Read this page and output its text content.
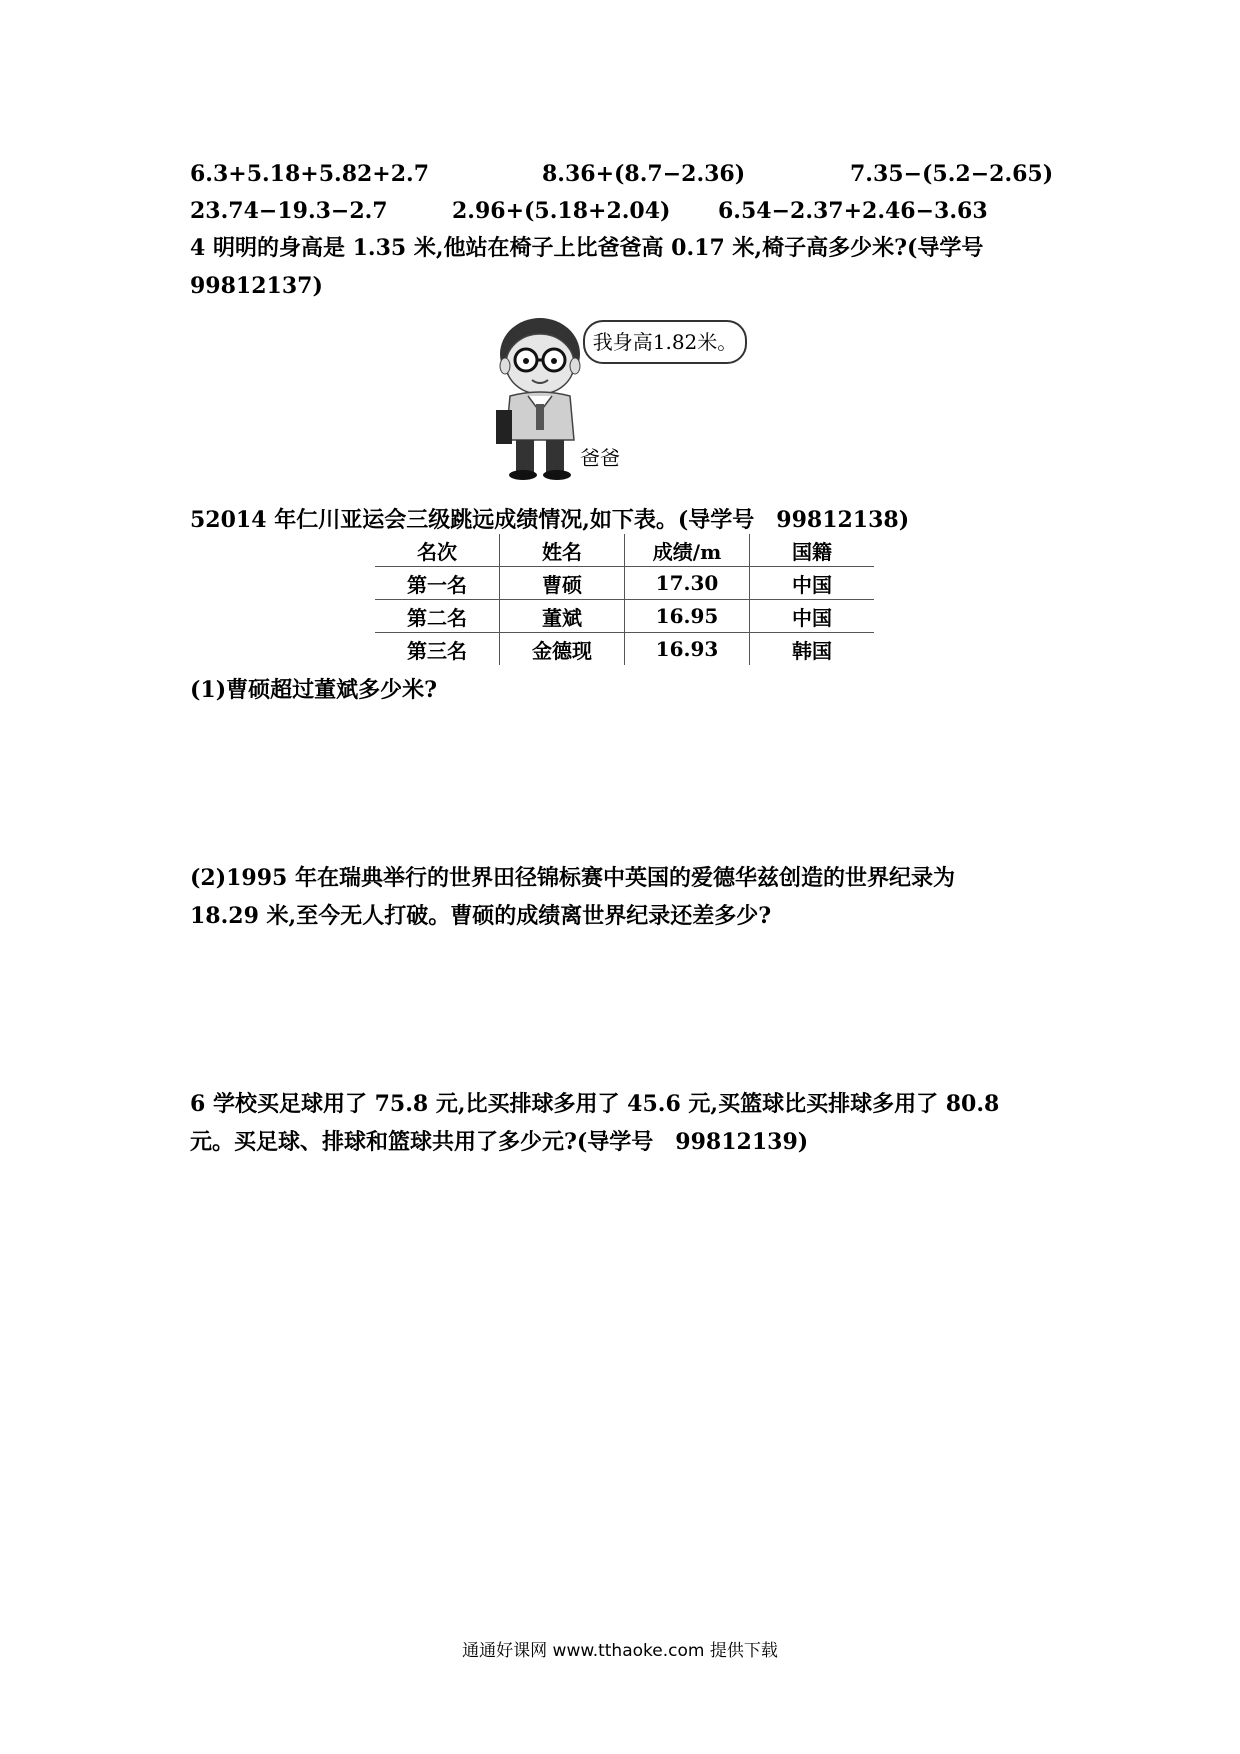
6.3+5.18+5.82+2.7	8.36+(8.7−2.36)	7.35−(5.2−2.65)
23.74−19.3−2.7	2.96+(5.18+2.04) 6.54−2.37+2.46−3.63
4 明明的身高是 1.35 米,他站在椅子上比爸爸高 0.17 米,椅子高多少米?(导学号
99812137)
我身高1.82米。
爸爸
52014 年仁川亚运会三级跳远成绩情况,如下表。(导学号　99812138)
名次	姓名	成绩/m	国籍
第一名	曹硕	17.30	中国
第二名	董斌	16.95	中国
第三名	金德现	16.93	韩国
(1)曹硕超过董斌多少米?
(2)1995 年在瑞典举行的世界田径锦标赛中英国的爱德华兹创造的世界纪录为
18.29 米,至今无人打破。曹硕的成绩离世界纪录还差多少?
6 学校买足球用了 75.8 元,比买排球多用了 45.6 元,买篮球比买排球多用了 80.8
元。买足球、排球和篮球共用了多少元?(导学号　99812139)
通通好课网 www.tthaoke.com 提供下载
